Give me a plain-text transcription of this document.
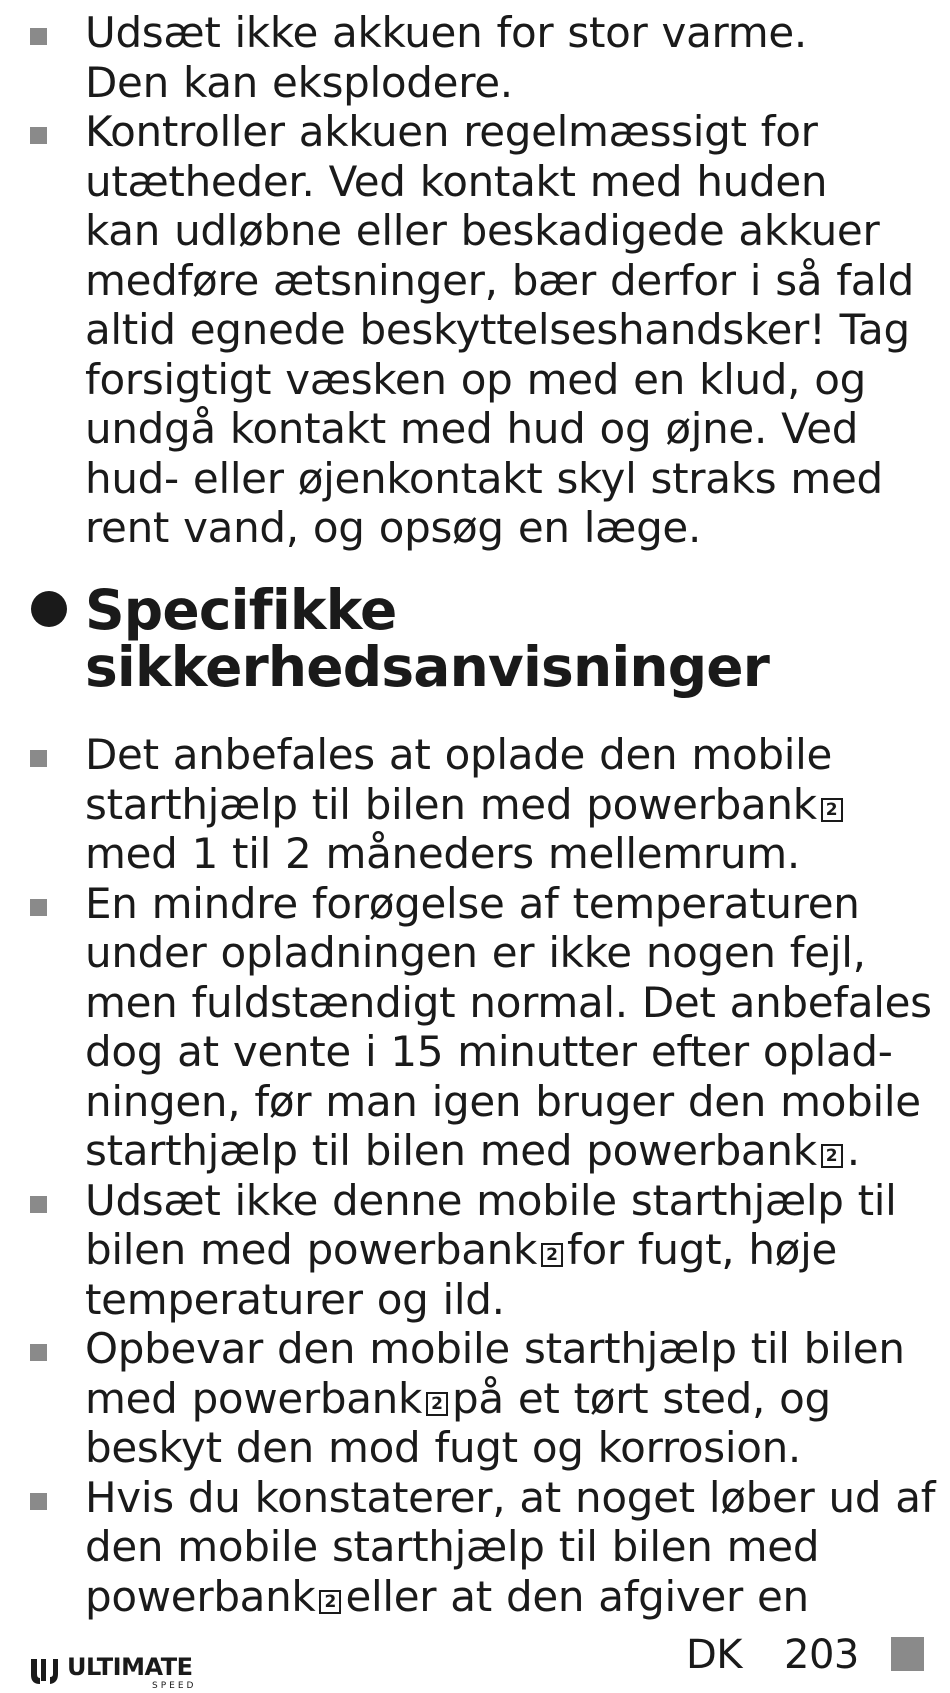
Udsæt ikke akkuen for stor varme.
Den kan eksplodere.
Kontroller akkuen regelmæssigt for
utætheder. Ved kontakt med huden
kan udløbne eller beskadigede akkuer
medføre ætsninger, bær derfor i så fald
altid egnede beskyttelseshandsker! Tag
forsigtigt væsken op med en klud, og
undgå kontakt med hud og øjne. Ved
hud- eller øjenkontakt skyl straks med
rent vand, og opsøg en læge.
Specifikke
sikkerhedsanvisninger
Det anbefales at oplade den mobile
starthjælp til bilen med powerbank 2
med 1 til 2 måneders mellemrum.
En mindre forøgelse af temperaturen
under opladningen er ikke nogen fejl,
men fuldstændigt normal. Det anbefales
dog at vente i 15 minutter efter oplad-
ningen, før man igen bruger den mobile
starthjælp til bilen med powerbank 2 .
Udsæt ikke denne mobile starthjælp til
bilen med powerbank 2 for fugt, høje
temperaturer og ild.
Opbevar den mobile starthjælp til bilen
med powerbank 2 på et tørt sted, og
beskyt den mod fugt og korrosion.
Hvis du konstaterer, at noget løber ud af
den mobile starthjælp til bilen med
powerbank 2 eller at den afgiver en
ULTIMATE
SPEED
DK 203
